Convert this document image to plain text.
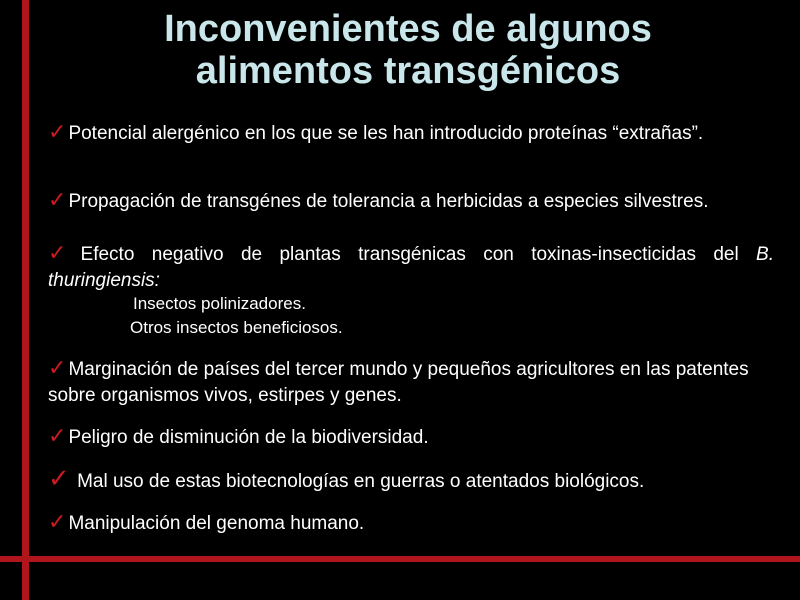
Inconvenientes de algunos
alimentos transgénicos
✓ Potencial alergénico en los que se les han introducido proteínas “extrañas”.
✓ Propagación de transgénes de tolerancia a herbicidas a especies silvestres.
✓ Efecto negativo de plantas transgénicas con toxinas-insecticidas del B. thuringiensis:
Insectos polinizadores.
Otros insectos beneficiosos.
✓ Marginación de países del tercer mundo y pequeños agricultores en las patentes sobre organismos vivos, estirpes y genes.
✓ Peligro de disminución de la biodiversidad.
✓ Mal uso de estas biotecnologías en guerras o atentados biológicos.
✓ Manipulación del genoma humano.
